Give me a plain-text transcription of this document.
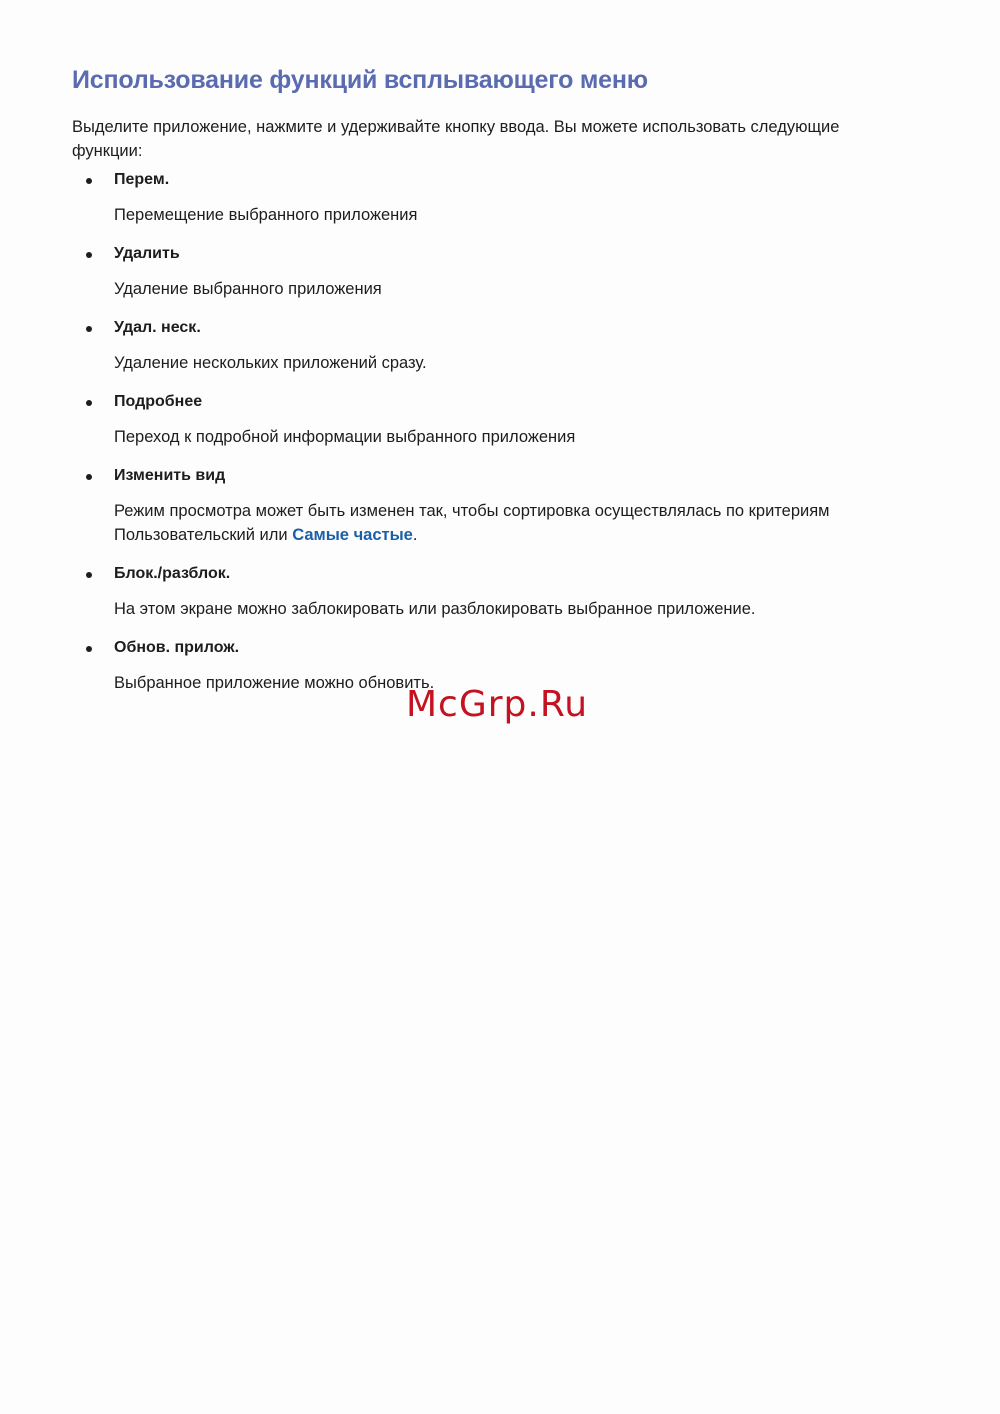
Использование функций всплывающего меню

Выделите приложение, нажмите и удерживайте кнопку ввода. Вы можете использовать следующие функции:

Перем.
Перемещение выбранного приложения
Удалить
Удаление выбранного приложения
Удал. неск.
Удаление нескольких приложений сразу.
Подробнее
Переход к подробной информации выбранного приложения
Изменить вид
Режим просмотра может быть изменен так, чтобы сортировка осуществлялась по критериям Пользовательский или Самые частые.
Блок./разблок.
На этом экране можно заблокировать или разблокировать выбранное приложение.
Обнов. прилож.
Выбранное приложение можно обновить.
McGrp.Ru
